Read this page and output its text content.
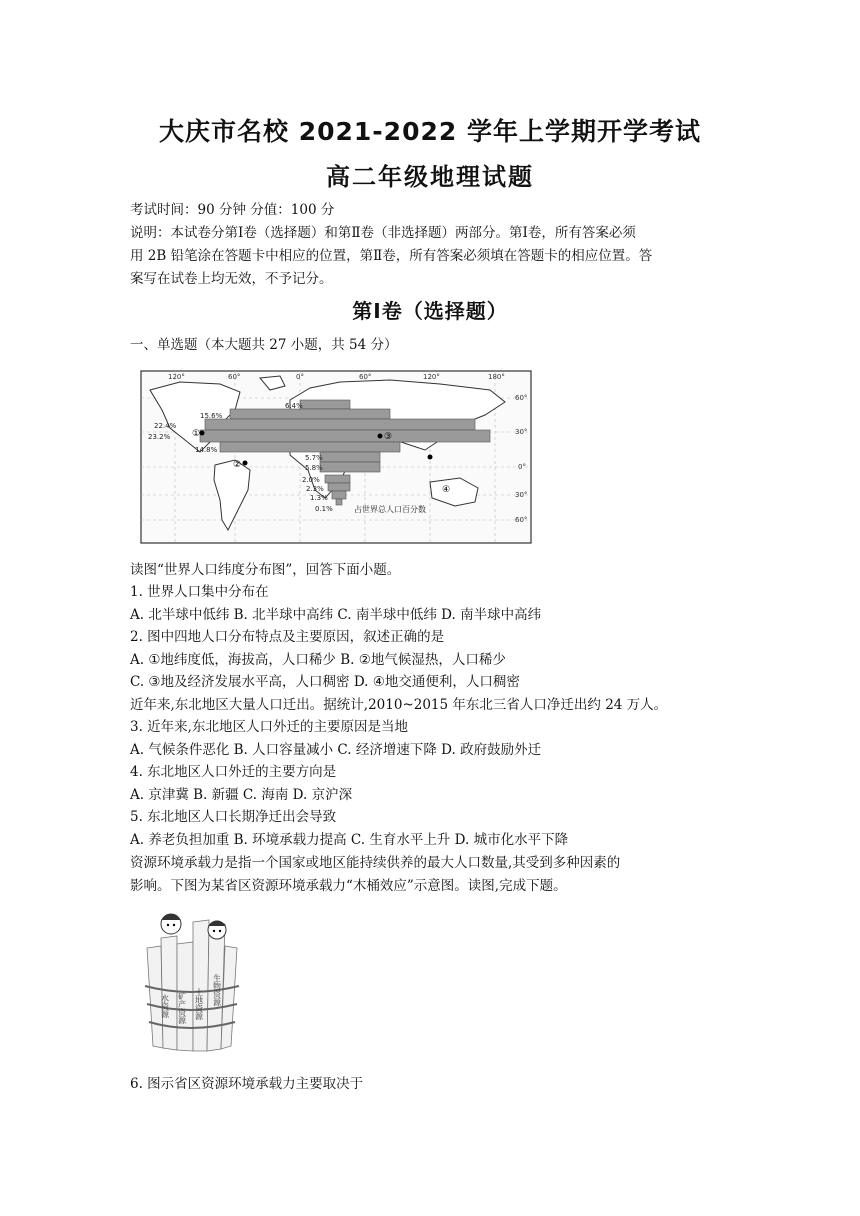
大庆市名校 2021-2022 学年上学期开学考试
高二年级地理试题
考试时间：90 分钟 分值：100 分
说明：本试卷分第Ⅰ卷（选择题）和第Ⅱ卷（非选择题）两部分。第Ⅰ卷，所有答案必须
用 2B 铅笔涂在答题卡中相应的位置，第Ⅱ卷，所有答案必须填在答题卡的相应位置。答
案写在试卷上均无效，不予记分。
第Ⅰ卷（选择题）
一、单选题（本大题共 27 小题，共 54 分）
120°	60°	0°	60°	120°	180°
60°
30°
0°
30°
60°
6.4%
15.6%
22.4%
23.2%
14.8%
5.7%
5.8%
2.0%
2.3%
1.3%
0.1%
①
②
③
④
占世界总人口百分数
读图“世界人口纬度分布图”，回答下面小题。
1. 世界人口集中分布在
A. 北半球中低纬 B. 北半球中高纬 C. 南半球中低纬 D. 南半球中高纬
2. 图中四地人口分布特点及主要原因，叙述正确的是
A. ①地纬度低，海拔高，人口稀少 B. ②地气候湿热，人口稀少
C. ③地及经济发展水平高，人口稠密 D. ④地交通便利，人口稠密
近年来,东北地区大量人口迁出。据统计,2010~2015 年东北三省人口净迁出约 24 万人。
3. 近年来,东北地区人口外迁的主要原因是当地
A. 气候条件恶化 B. 人口容量减小 C. 经济增速下降 D. 政府鼓励外迁
4. 东北地区人口外迁的主要方向是
A. 京津冀 B. 新疆 C. 海南 D. 京沪深
5. 东北地区人口长期净迁出会导致
A. 养老负担加重 B. 环境承载力提高 C. 生育水平上升 D. 城市化水平下降
资源环境承载力是指一个国家或地区能持续供养的最大人口数量,其受到多种因素的
影响。下图为某省区资源环境承载力“木桶效应”示意图。读图,完成下题。
水资源 矿产资源 土地资源 生物资源
6. 图示省区资源环境承载力主要取决于
